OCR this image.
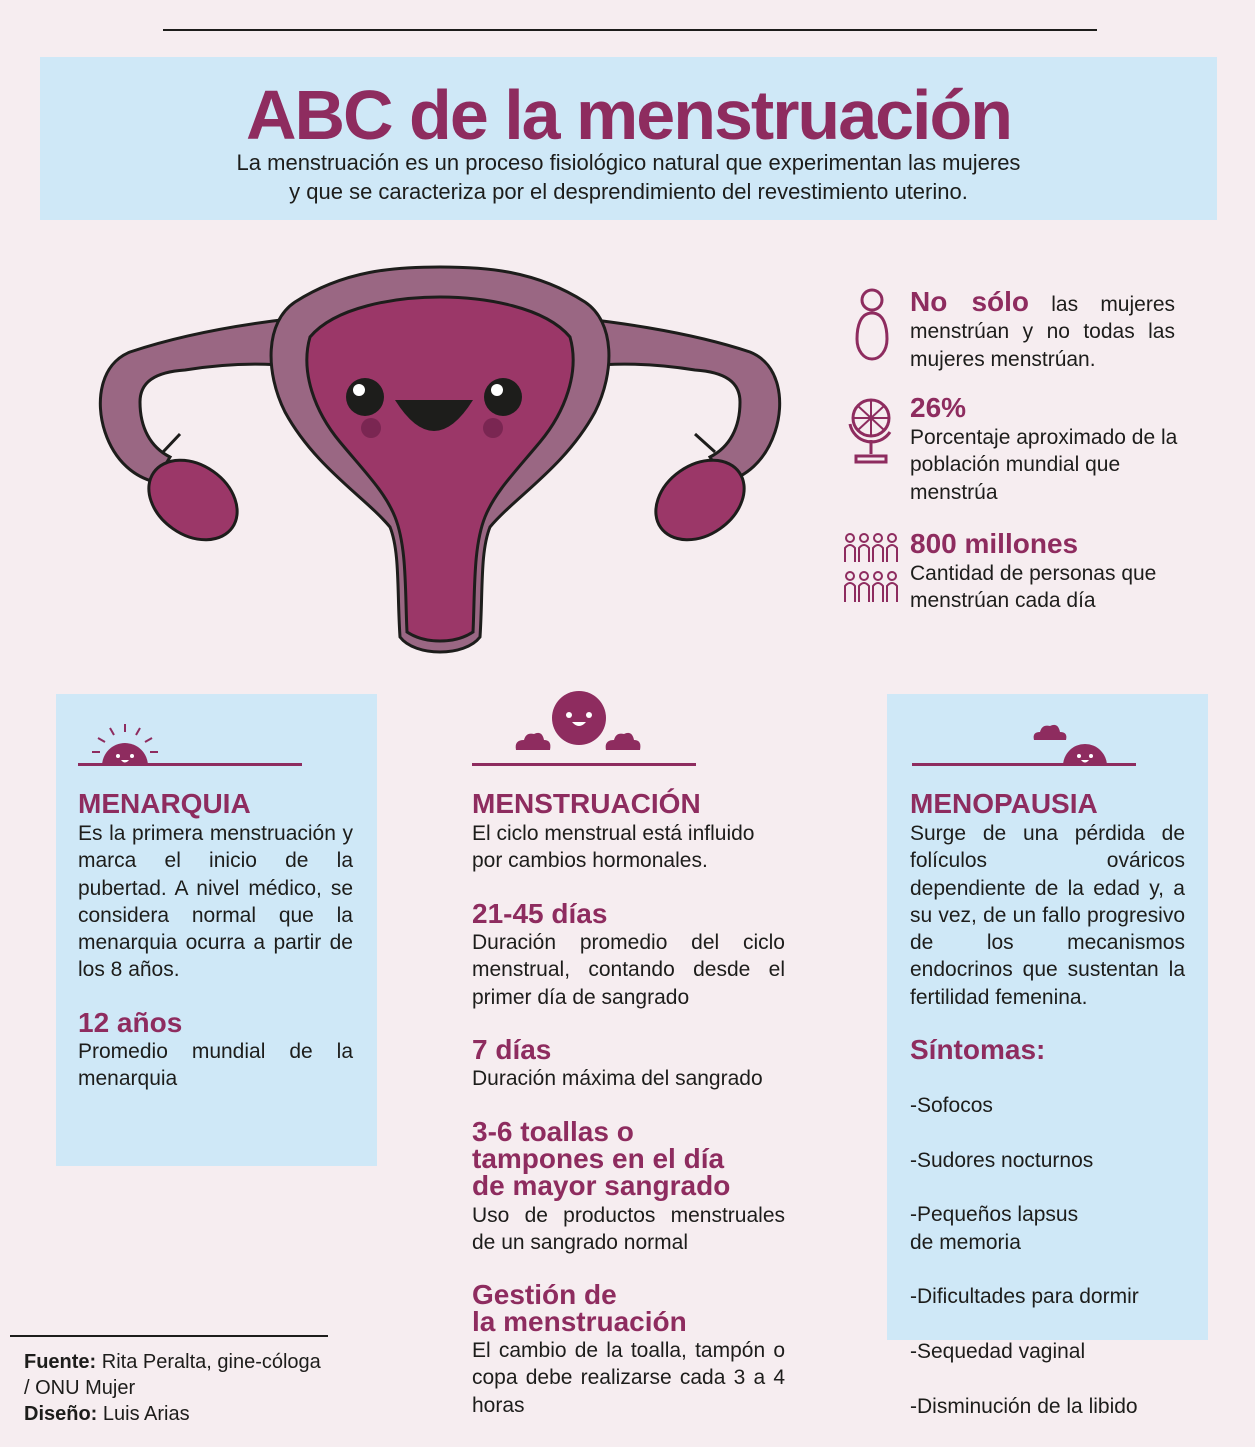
ABC de la menstruación
La menstruación es un proceso fisiológico natural que experimentan las mujeres
y que se caracteriza por el desprendimiento del revestimiento uterino.
No sólo las mujeres menstrúan y no todas las mujeres menstrúan.
26%
Porcentaje aproximado de la población mundial que menstrúa
800 millones
Cantidad de personas que menstrúan cada día
MENARQUIA
Es la primera menstruación y marca el inicio de la pubertad. A nivel médico, se considera normal que la menarquia ocurra a partir de los 8 años.
12 años
Promedio mundial de la menarquia
MENSTRUACIÓN
El ciclo menstrual está influido por cambios hormonales.
21-45 días
Duración promedio del ciclo menstrual, contando desde el primer día de sangrado
7 días
Duración máxima del sangrado
3-6 toallas o
tampones en el día
de mayor sangrado
Uso de productos menstruales de un sangrado normal
Gestión de
la menstruación
El cambio de la toalla, tampón o copa debe realizarse cada 3 a 4 horas
MENOPAUSIA
Surge de una pérdida de folículos ováricos dependiente de la edad y, a su vez, de un fallo progresivo de los mecanismos endocrinos que sustentan la fertilidad femenina.
Síntomas:

-Sofocos

-Sudores nocturnos

-Pequeños lapsus
de memoria

-Dificultades para dormir

-Sequedad vaginal

-Disminución de la libido

Fuente: Rita Peralta, gine-cóloga / ONU Mujer
Diseño: Luis Arias
